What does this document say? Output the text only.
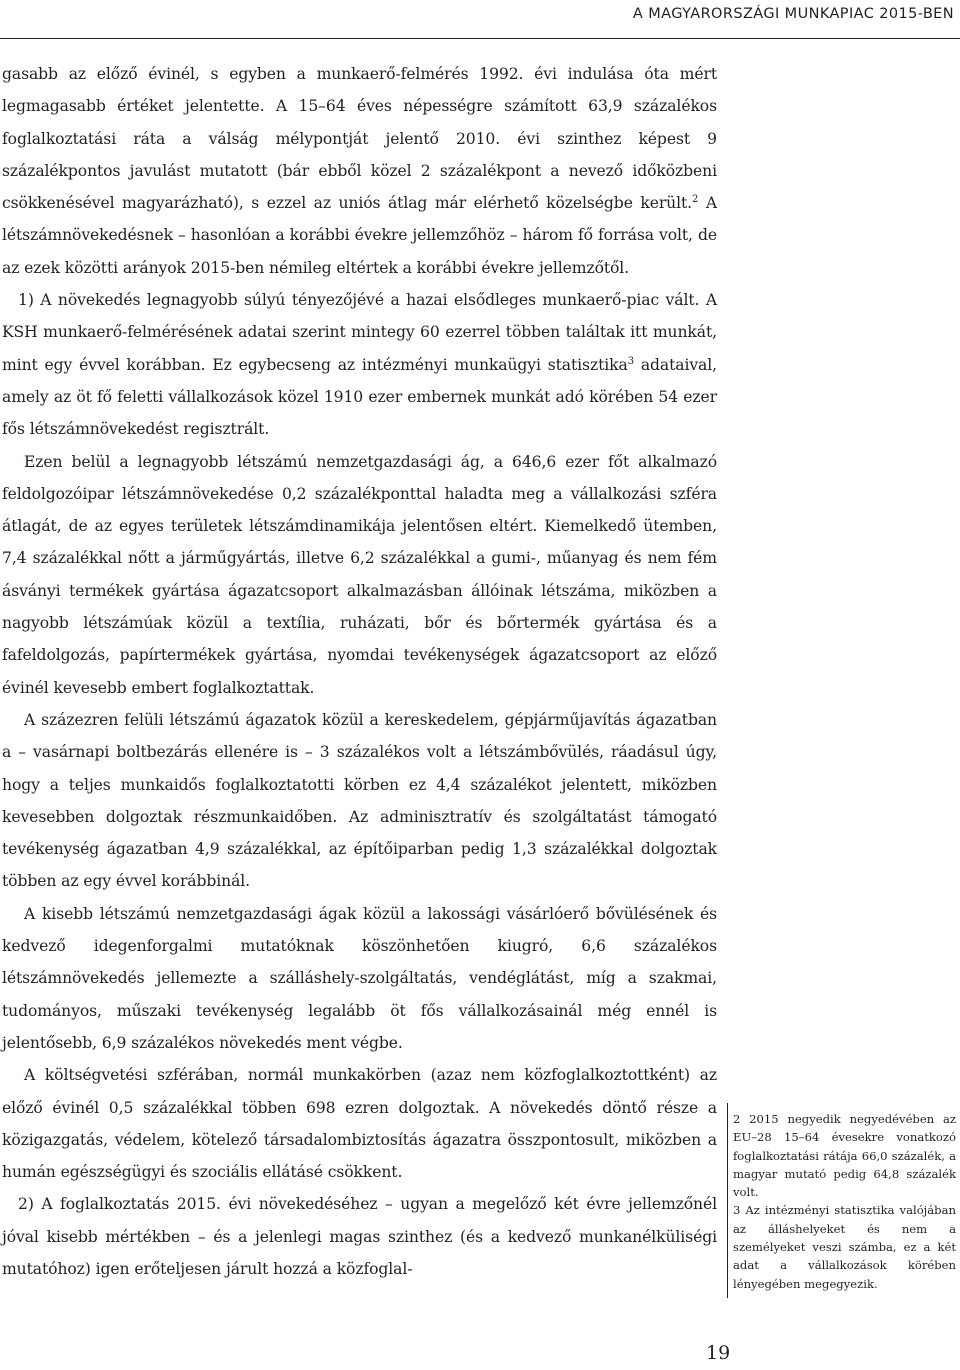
A MAGYARORSZÁGI MUNKAPIAC 2015-BEN

gasabb az előző évinél, s egyben a munkaerő-felmérés 1992. évi indulása óta mért legmagasabb értéket jelentette. A 15–64 éves népességre számított 63,9 százalékos foglalkoztatási ráta a válság mélypontját jelentő 2010. évi szinthez képest 9 százalékpontos javulást mutatott (bár ebből közel 2 százalékpont a nevező időközbeni csökkenésével magyarázható), s ezzel az uniós átlag már elérhető közelségbe került.$^2$ A létszámnövekedésnek – hasonlóan a korábbi évekre jellemzőhöz – három fő forrása volt, de az ezek közötti arányok 2015-ben némileg eltértek a korábbi évekre jellemzőtől.

1) A növekedés legnagyobb súlyú tényezőjévé a hazai elsődleges munkaerő-piac vált. A KSH munkaerő-felmérésének adatai szerint mintegy 60 ezerrel többen találtak itt munkát, mint egy évvel korábban. Ez egybecseng az intézményi munkaügyi statisztika$^3$ adataival, amely az öt fő feletti vállalkozások közel 1910 ezer embernek munkát adó körében 54 ezer fős létszámnövekedést regisztrált.

Ezen belül a legnagyobb létszámú nemzetgazdasági ág, a 646,6 ezer főt alkalmazó feldolgozóipar létszámnövekedése 0,2 százalékponttal haladta meg a vállalkozási szféra átlagát, de az egyes területek létszámdinamikája jelentősen eltért. Kiemelkedő ütemben, 7,4 százalékkal nőtt a járműgyártás, illetve 6,2 százalékkal a gumi-, műanyag és nem fém ásványi termékek gyártása ágazatcsoport alkalmazásban állóinak létszáma, miközben a nagyobb létszámúak közül a textília, ruházati, bőr és bőrtermék gyártása és a fafeldolgozás, papírtermékek gyártása, nyomdai tevékenységek ágazatcsoport az előző évinél kevesebb embert foglalkoztattak.

A százezren felüli létszámú ágazatok közül a kereskedelem, gépjárműjavítás ágazatban a – vasárnapi boltbezárás ellenére is – 3 százalékos volt a létszámbővülés, ráadásul úgy, hogy a teljes munkaidős foglalkoztatotti körben ez 4,4 százalékot jelentett, miközben kevesebben dolgoztak részmunkaidőben. Az adminisztratív és szolgáltatást támogató tevékenység ágazatban 4,9 százalékkal, az építőiparban pedig 1,3 százalékkal dolgoztak többen az egy évvel korábbinál.

A kisebb létszámú nemzetgazdasági ágak közül a lakossági vásárlóerő bővülésének és kedvező idegenforgalmi mutatóknak köszönhetően kiugró, 6,6 százalékos létszámnövekedés jellemezte a szálláshely-szolgáltatás, vendéglátást, míg a szakmai, tudományos, műszaki tevékenység legalább öt fős vállalkozásainál még ennél is jelentősebb, 6,9 százalékos növekedés ment végbe.

A költségvetési szférában, normál munkakörben (azaz nem közfoglalkoztottként) az előző évinél 0,5 százalékkal többen 698 ezren dolgoztak. A növekedés döntő része a közigazgatás, védelem, kötelező társadalombiztosítás ágazatra összpontosult, miközben a humán egészségügyi és szociális ellátásé csökkent.

2) A foglalkoztatás 2015. évi növekedéséhez – ugyan a megelőző két évre jellemzőnél jóval kisebb mértékben – és a jelenlegi magas szinthez (és a kedvező munkanélküliségi mutatóhoz) igen erőteljesen járult hozzá a közfoglal-

2 2015 negyedik negyedévében az EU–28 15–64 évesekre vonatkozó foglalkoztatási rátája 66,0 százalék, a magyar mutató pedig 64,8 százalék volt.

3 Az intézményi statisztika valójában az álláshelyeket és nem a személyeket veszi számba, ez a két adat a vállalkozások körében lényegében megegyezik.

19
